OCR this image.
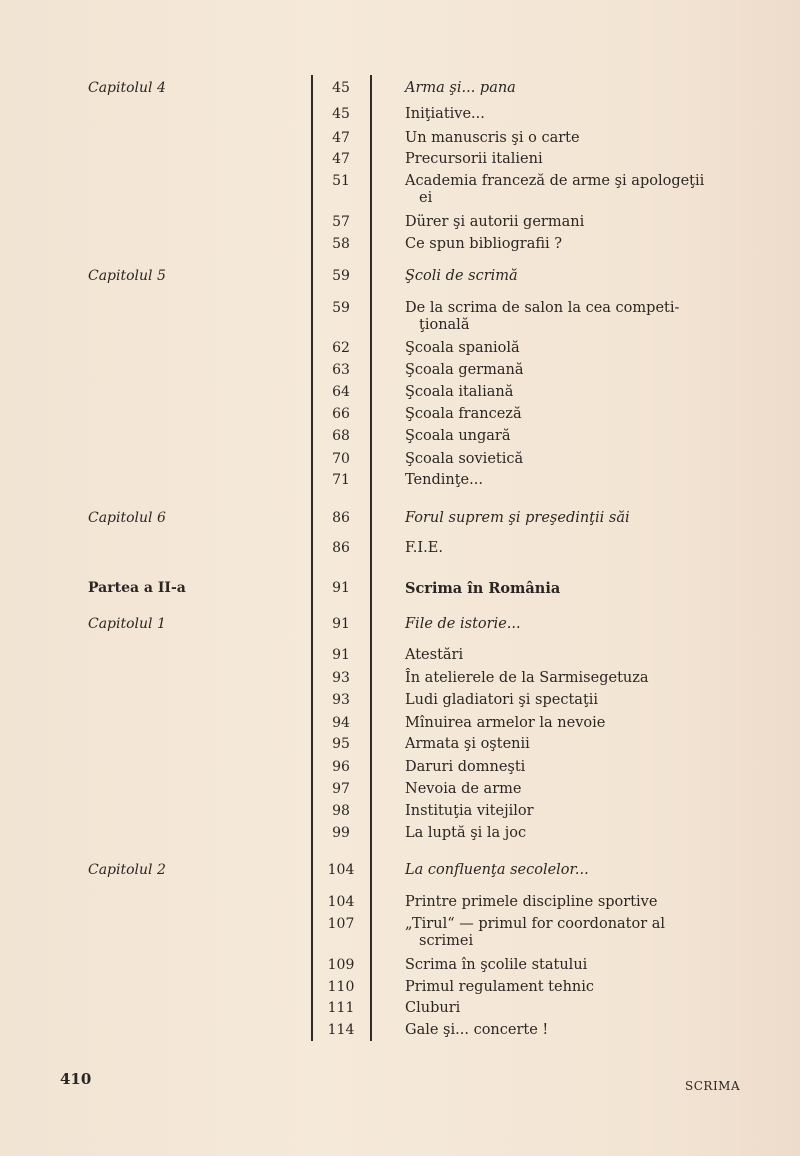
Capitolul 4	45	Arma şi... pana
45	Iniţiative...
47	Un manuscris şi o carte
47	Precursorii italieni
51	Academia franceză de arme şi apologeţii
ei
57	Dürer şi autorii germani
58	Ce spun bibliografii ?
Capitolul 5	59	Şcoli de scrimă
59	De la scrima de salon la cea competi-
ţională
62	Şcoala spaniolă
63	Şcoala germană
64	Şcoala italiană
66	Şcoala franceză
68	Şcoala ungară
70	Şcoala sovietică
71	Tendinţe...
Capitolul 6	86	Forul suprem şi preşedinţii săi
86	F.I.E.
Partea a II-a	91	Scrima în România
Capitolul 1	91	File de istorie...
91	Atestări
93	În atelierele de la Sarmisegetuza
93	Ludi gladiatori şi spectaţii
94	Mînuirea armelor la nevoie
95	Armata şi oştenii
96	Daruri domneşti
97	Nevoia de arme
98	Instituţia vitejilor
99	La luptă şi la joc
Capitolul 2	104	La confluenţa secolelor...
104	Printre primele discipline sportive
107	„Tirul“ — primul for coordonator al
scrimei
109	Scrima în şcolile statului
110	Primul regulament tehnic
111	Cluburi
114	Gale şi... concerte !
410	SCRIMA
